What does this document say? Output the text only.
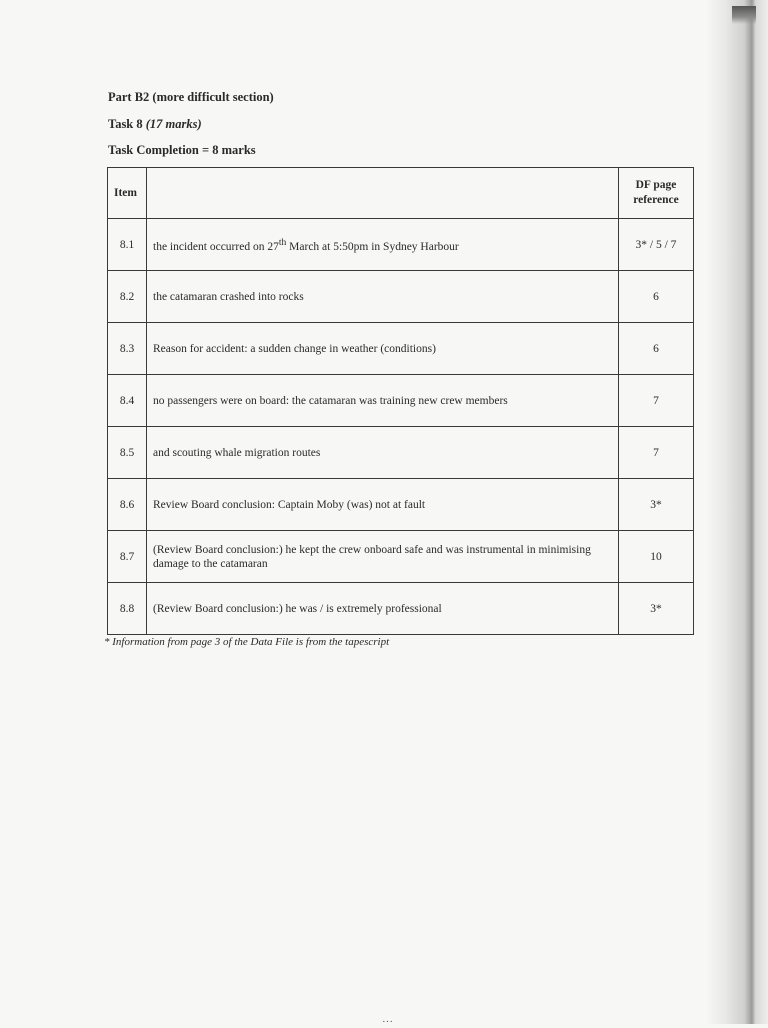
Part B2 (more difficult section)
Task 8 (17 marks)
Task Completion = 8 marks
Item		DF page
reference
8.1	the incident occurred on 27th March at 5:50pm in Sydney Harbour	3* / 5 / 7
8.2	the catamaran crashed into rocks	6
8.3	Reason for accident: a sudden change in weather (conditions)	6
8.4	no passengers were on board: the catamaran was training new crew members	7
8.5	and scouting whale migration routes	7
8.6	Review Board conclusion: Captain Moby (was) not at fault	3*
8.7	(Review Board conclusion:) he kept the crew onboard safe and was instrumental in minimising damage to the catamaran	10
8.8	(Review Board conclusion:) he was / is extremely professional	3*
* Information from page 3 of the Data File is from the tapescript
···
